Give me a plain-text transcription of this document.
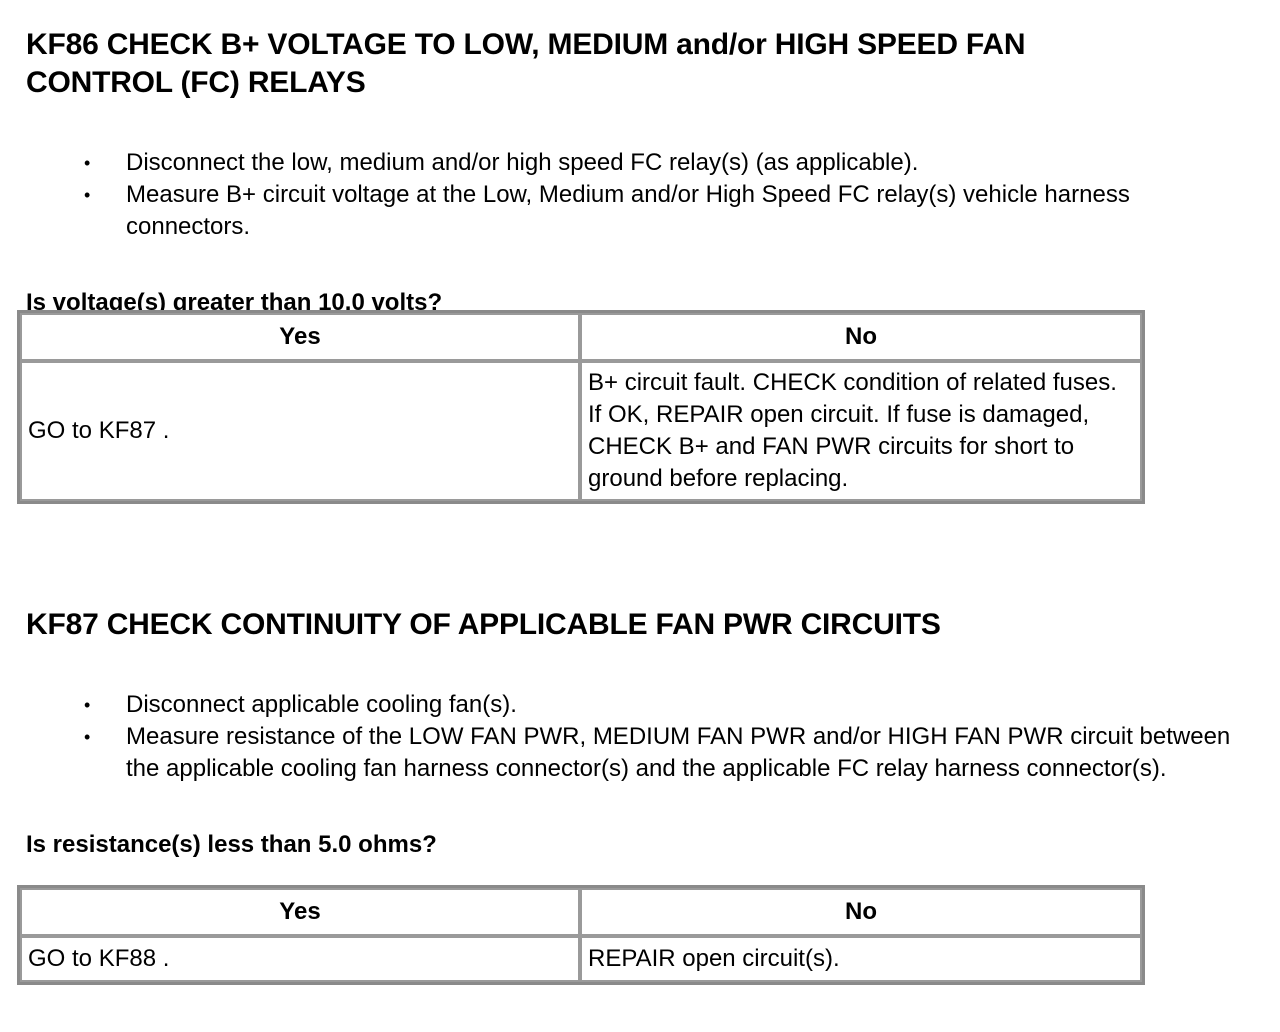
KF86 CHECK B+ VOLTAGE TO LOW, MEDIUM and/or HIGH SPEED FAN
CONTROL (FC) RELAYS
• Disconnect the low, medium and/or high speed FC relay(s) (as applicable).
• Measure B+ circuit voltage at the Low, Medium and/or High Speed FC relay(s) vehicle harness connectors.

Is voltage(s) greater than 10.0 volts?

Yes	No
GO to KF87 .	B+ circuit fault. CHECK condition of related fuses. If OK, REPAIR open circuit. If fuse is damaged, CHECK B+ and FAN PWR circuits for short to ground before replacing.
KF87 CHECK CONTINUITY OF APPLICABLE FAN PWR CIRCUITS
• Disconnect applicable cooling fan(s).
• Measure resistance of the LOW FAN PWR, MEDIUM FAN PWR and/or HIGH FAN PWR circuit between the applicable cooling fan harness connector(s) and the applicable FC relay harness connector(s).

Is resistance(s) less than 5.0 ohms?

Yes	No
GO to KF88 .	REPAIR open circuit(s).
